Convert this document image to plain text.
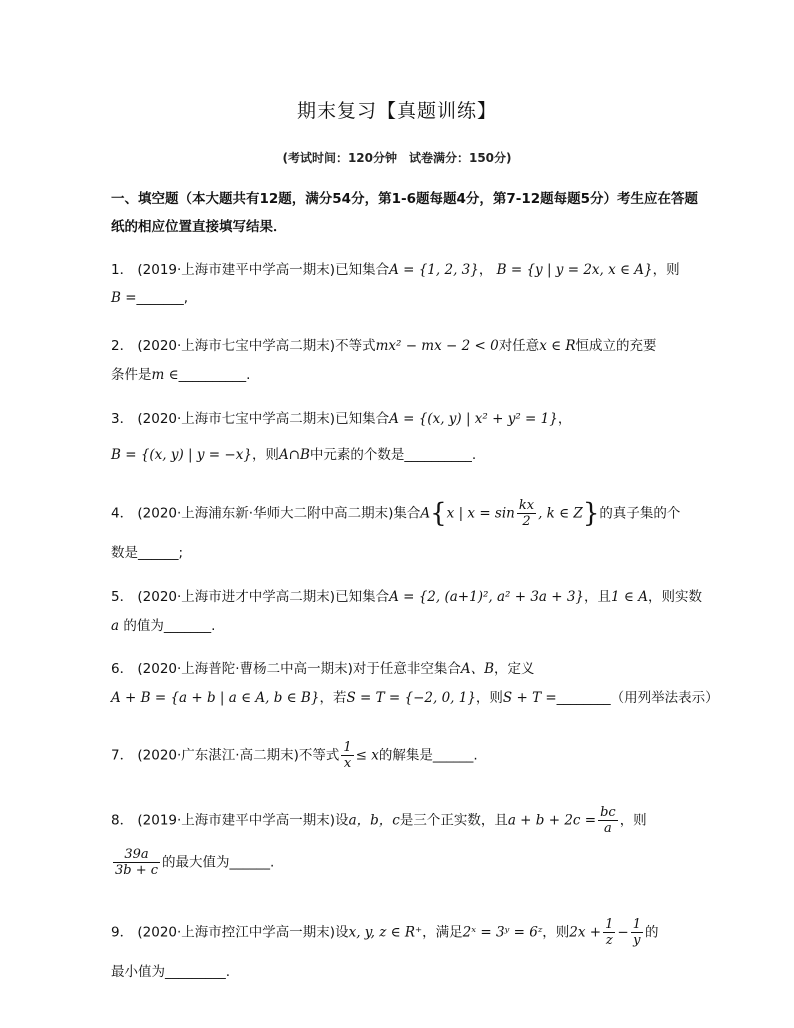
期末复习【真题训练】
(考试时间：120分钟　试卷满分：150分)
一、填空题（本大题共有12题，满分54分，第1-6题每题4分，第7-12题每题5分）考生应在答题
纸的相应位置直接填写结果．
1． (2019·上海市建平中学高一期末)已知集合A = {1, 2, 3}， B = {y | y = 2x, x ∈ A}，则
B =_______,
2． (2020·上海市七宝中学高二期末)不等式mx² − mx − 2 < 0对任意x ∈ R恒成立的充要
条件是m ∈__________.
3． (2020·上海市七宝中学高二期末)已知集合A = {(x, y) | x² + y² = 1}，
B = {(x, y) | y = −x}，则A∩B中元素的个数是__________.
4． (2020·上海浦东新·华师大二附中高二期末)集合A{x | $x = \sin \frac{kx}{2}$ , k ∈ Z}的真子集的个
数是______;
5． (2020·上海市进才中学高二期末)已知集合A = {2, (a+1)², a² + 3a + 3}，且1 ∈ A，则实数
a 的值为_______.
6． (2020·上海普陀·曹杨二中高一期末)对于任意非空集合A、B，定义
A + B = {a + b | a ∈ A, b ∈ B}，若S = T = {−2, 0, 1}，则S + T =________（用列举法表示）
7． (2020·广东湛江·高二期末)不等式 $\frac{1}{x} \le x$的解集是______.
8． (2019·上海市建平中学高一期末)设a，b，c是三个正实数，且$a + b + 2c = \frac{bc}{a}$ ，则
$\frac{39a}{3b + c}$ 的最大值为______.
9． (2020·上海市控江中学高一期末)设x, y, z ∈ R⁺，满足2ˣ = 3ʸ = 6ᶻ，则$2x + \frac{1}{z} - \frac{1}{y}$ 的
最小值为_________.
